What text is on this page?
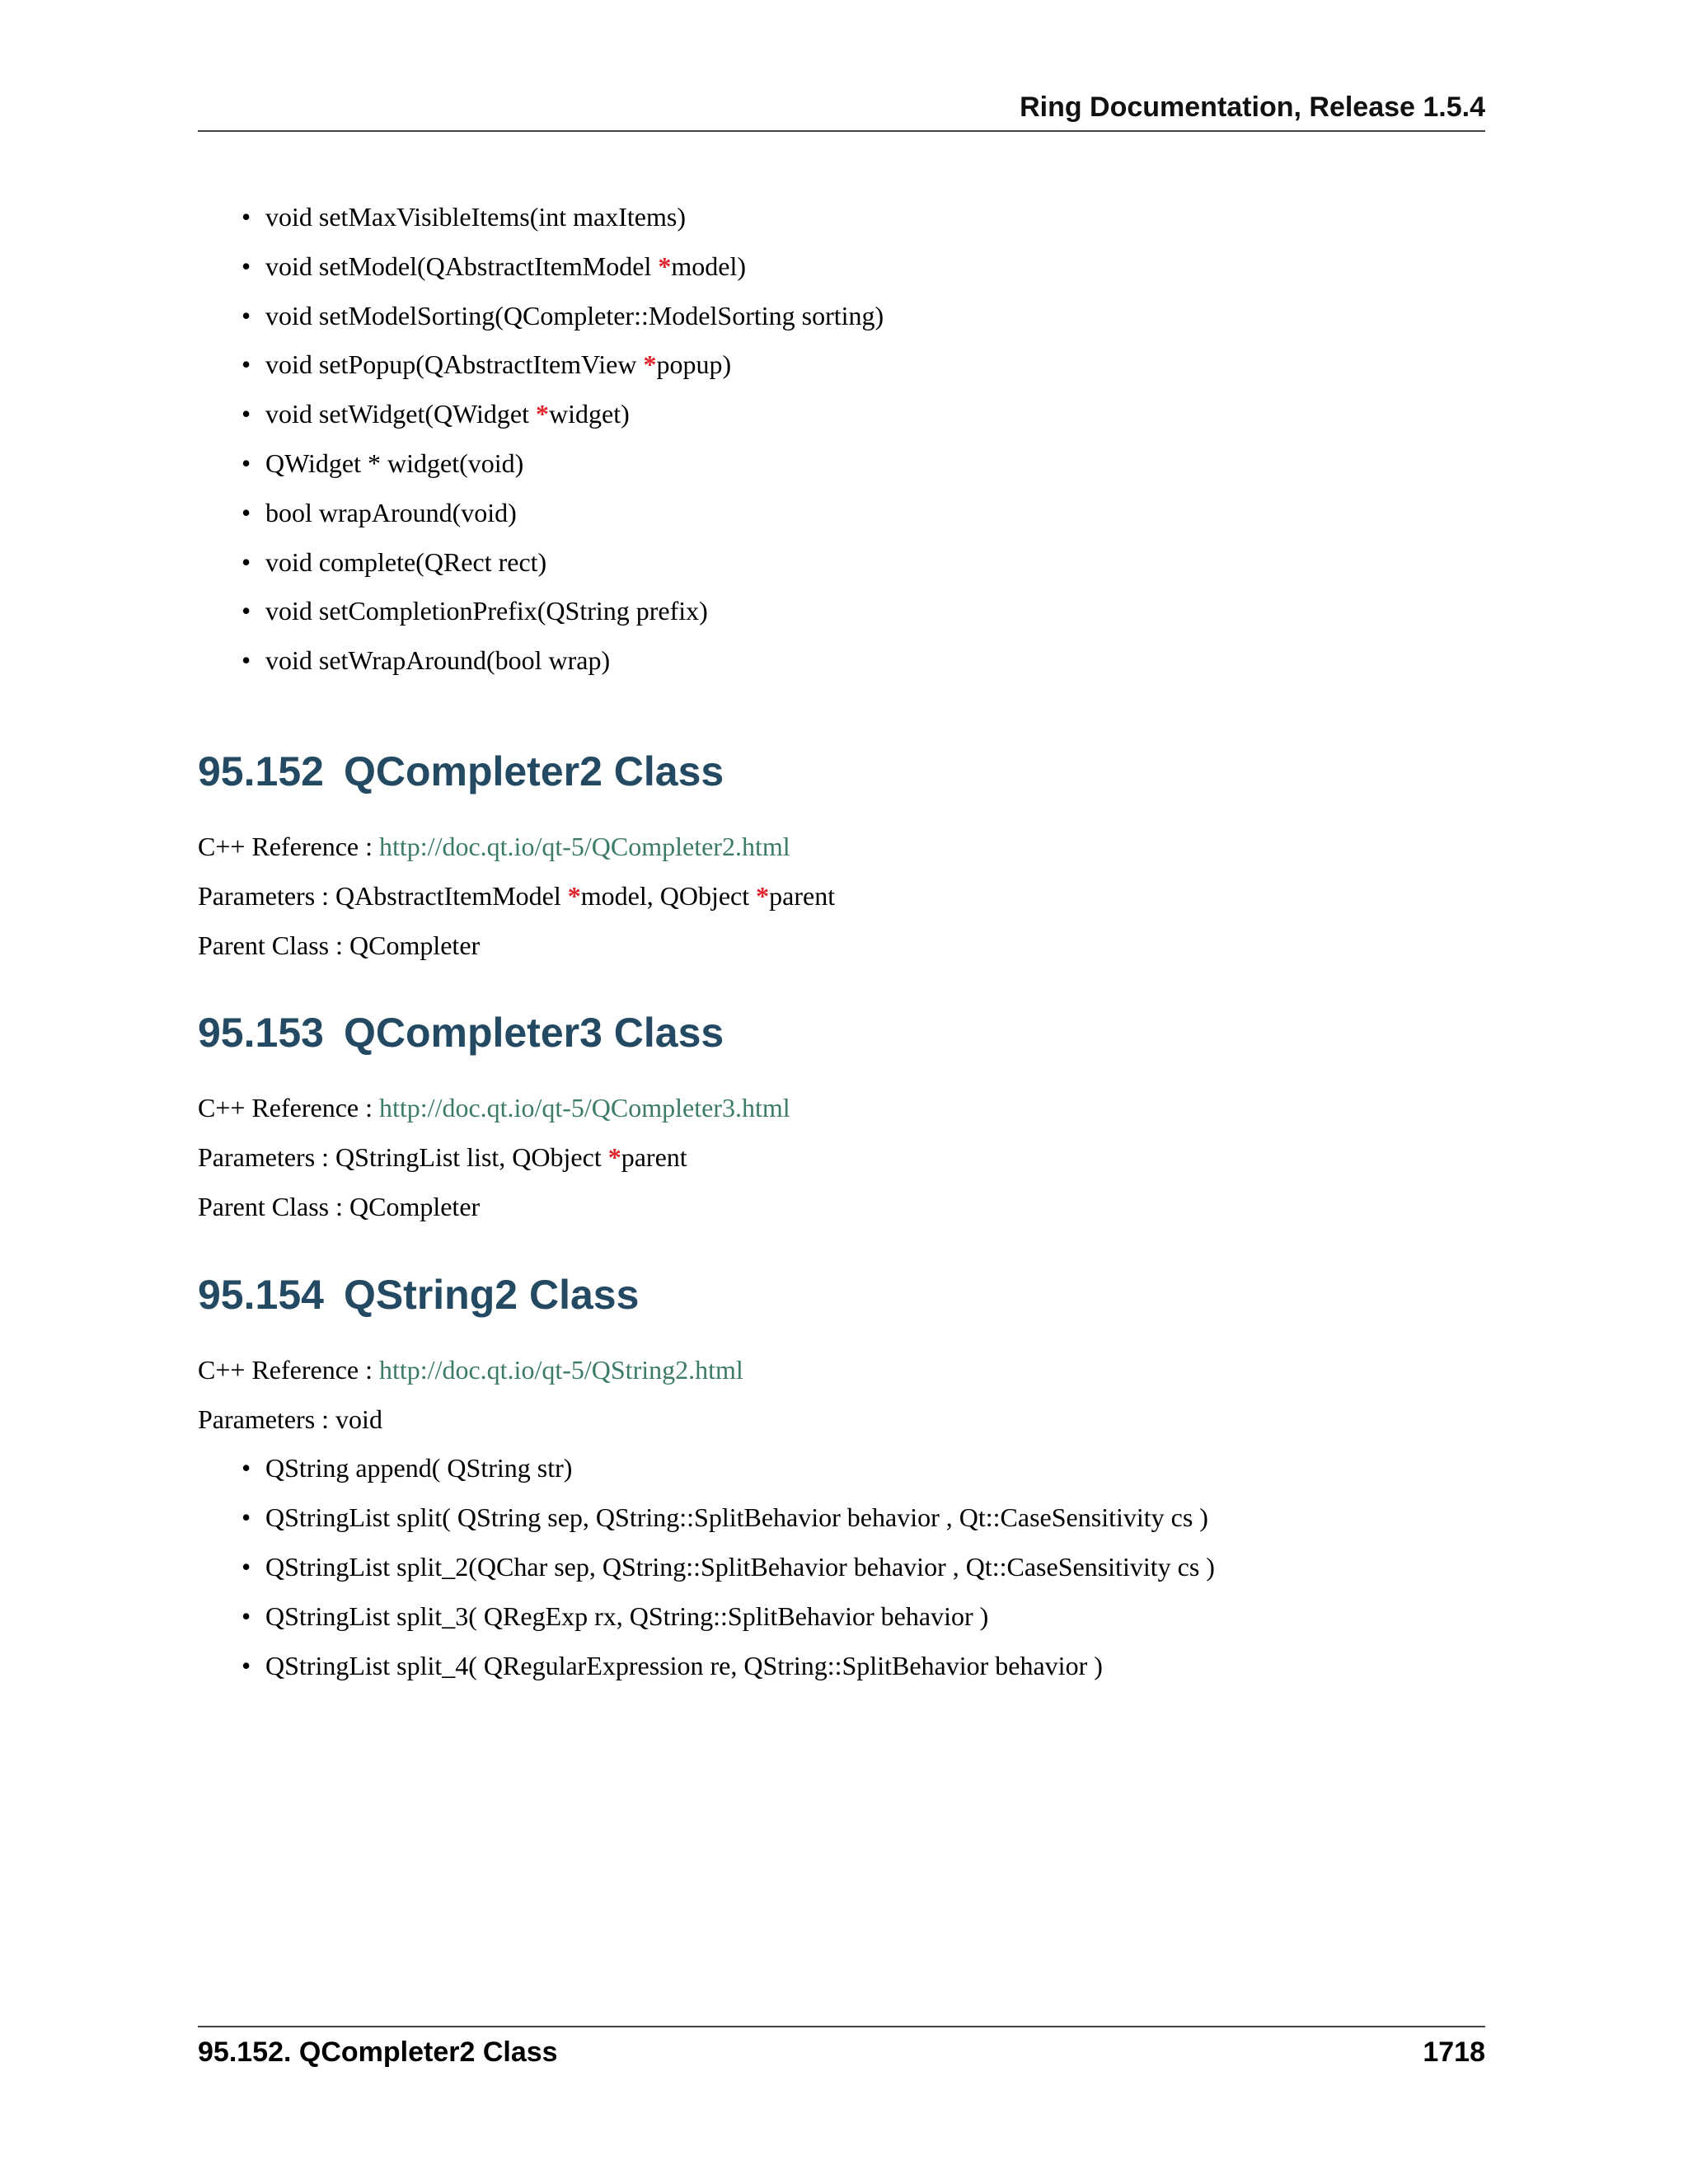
Ring Documentation, Release 1.5.4
• void setMaxVisibleItems(int maxItems)
• void setModel(QAbstractItemModel *model)
• void setModelSorting(QCompleter::ModelSorting sorting)
• void setPopup(QAbstractItemView *popup)
• void setWidget(QWidget *widget)
• QWidget * widget(void)
• bool wrapAround(void)
• void complete(QRect rect)
• void setCompletionPrefix(QString prefix)
• void setWrapAround(bool wrap)
95.152 QCompleter2 Class
C++ Reference : http://doc.qt.io/qt-5/QCompleter2.html
Parameters : QAbstractItemModel *model, QObject *parent
Parent Class : QCompleter
95.153 QCompleter3 Class
C++ Reference : http://doc.qt.io/qt-5/QCompleter3.html
Parameters : QStringList list, QObject *parent
Parent Class : QCompleter
95.154 QString2 Class
C++ Reference : http://doc.qt.io/qt-5/QString2.html
Parameters : void
• QString append( QString str)
• QStringList split( QString sep, QString::SplitBehavior behavior , Qt::CaseSensitivity cs )
• QStringList split_2(QChar sep, QString::SplitBehavior behavior , Qt::CaseSensitivity cs )
• QStringList split_3( QRegExp rx, QString::SplitBehavior behavior )
• QStringList split_4( QRegularExpression re, QString::SplitBehavior behavior )
95.152. QCompleter2 Class	1718
